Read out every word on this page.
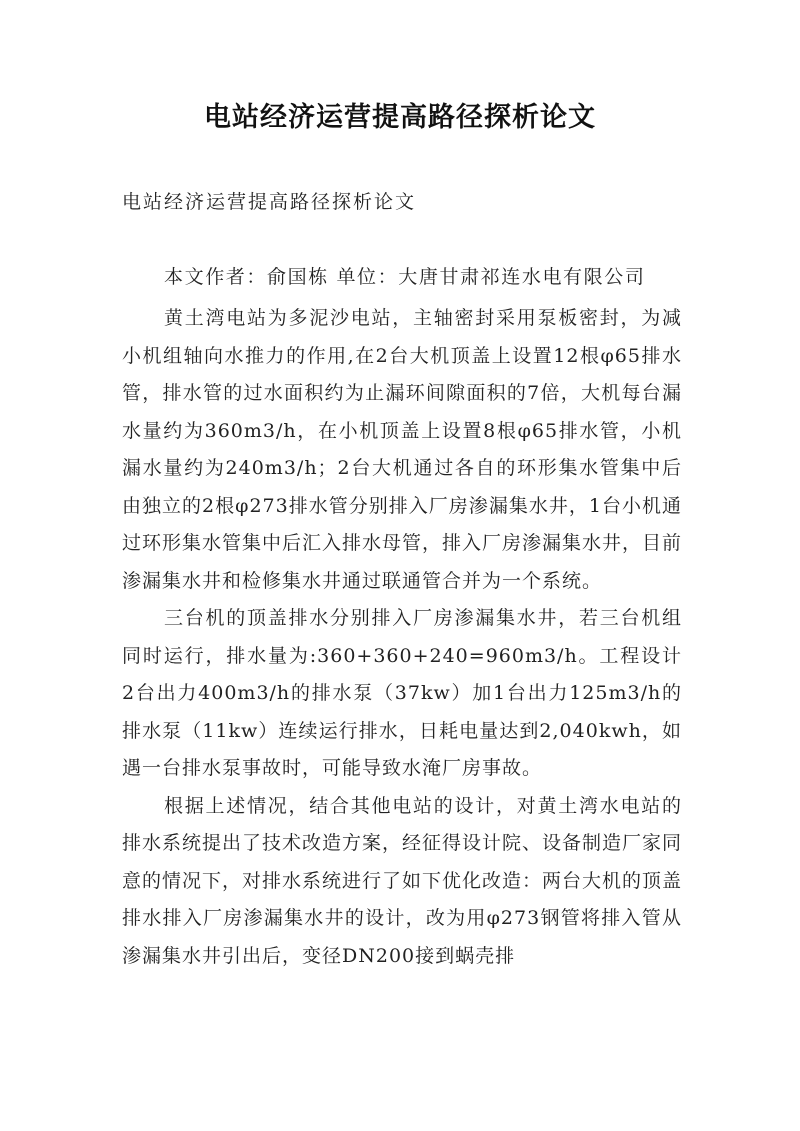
电站经济运营提高路径探析论文
电站经济运营提高路径探析论文
本文作者：俞国栋 单位：大唐甘肃祁连水电有限公司

黄土湾电站为多泥沙电站，主轴密封采用泵板密封，为减小机组轴向水推力的作用,在2台大机顶盖上设置12根φ65排水管，排水管的过水面积约为止漏环间隙面积的7倍，大机每台漏水量约为360m3/h，在小机顶盖上设置8根φ65排水管，小机漏水量约为240m3/h；2台大机通过各自的环形集水管集中后由独立的2根φ273排水管分别排入厂房渗漏集水井，1台小机通过环形集水管集中后汇入排水母管，排入厂房渗漏集水井，目前渗漏集水井和检修集水井通过联通管合并为一个系统。

三台机的顶盖排水分别排入厂房渗漏集水井，若三台机组同时运行，排水量为:360+360+240=960m3/h。工程设计2台出力400m3/h的排水泵（37kw）加1台出力125m3/h的排水泵（11kw）连续运行排水，日耗电量达到2,040kwh，如遇一台排水泵事故时，可能导致水淹厂房事故。

根据上述情况，结合其他电站的设计，对黄土湾水电站的排水系统提出了技术改造方案，经征得设计院、设备制造厂家同意的情况下，对排水系统进行了如下优化改造：两台大机的顶盖排水排入厂房渗漏集水井的设计，改为用φ273钢管将排入管从渗漏集水井引出后，变径DN200接到蜗壳排
